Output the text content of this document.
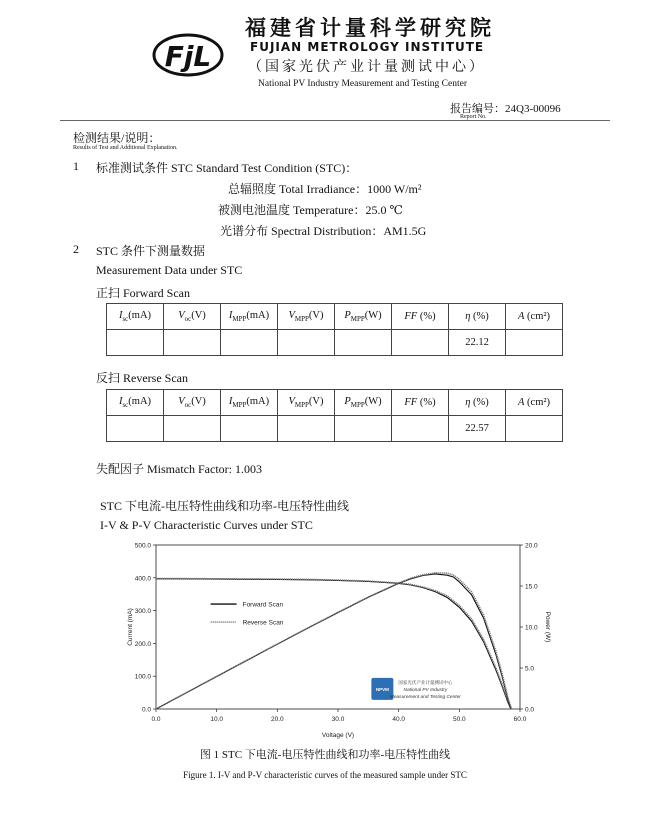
FjL
福建省计量科学研究院
FUJIAN METROLOGY INSTITUTE
（国家光伏产业计量测试中心）
National PV Industry Measurement and Testing Center
报告编号：24Q3-00096
Report No.
检测结果/说明：
Results of Test and Additional Explanation.
1 标准测试条件 STC Standard Test Condition (STC)：
总辐照度 Total Irradiance：1000 W/m²
被测电池温度 Temperature：25.0 ℃
光谱分布 Spectral Distribution：AM1.5G
2 STC 条件下测量数据
Measurement Data under STC
正扫 Forward Scan
$I_{sc}(mA)$	$V_{oc}(V)$	$I_{MPP}(mA)$	$V_{MPP}(V)$	$P_{MPP}(W)$	FF (%)	η (%)	A (cm²)
						22.12	
反扫 Reverse Scan
$I_{sc}(mA)$	$V_{oc}(V)$	$I_{MPP}(mA)$	$V_{MPP}(V)$	$P_{MPP}(W)$	FF (%)	η (%)	A (cm²)
						22.57	
失配因子 Mismatch Factor: 1.003
STC 下电流-电压特性曲线和功率-电压特性曲线
I-V & P-V Characteristic Curves under STC
0.0	10.0	20.0	30.0	40.0	50.0	60.0
0.0
100.0
200.0
300.0
400.0
500.0
0.0
5.0
10.0
15.0
20.0
Voltage (V)
Current (mA)	Power (W)
Forward Scan
Reverse Scan
NPVM
国家光伏产业计量测试中心
National PV Industry
Measurement and Testing Center
图 1 STC 下电流-电压特性曲线和功率-电压特性曲线
Figure 1. I-V and P-V characteristic curves of the measured sample under STC
